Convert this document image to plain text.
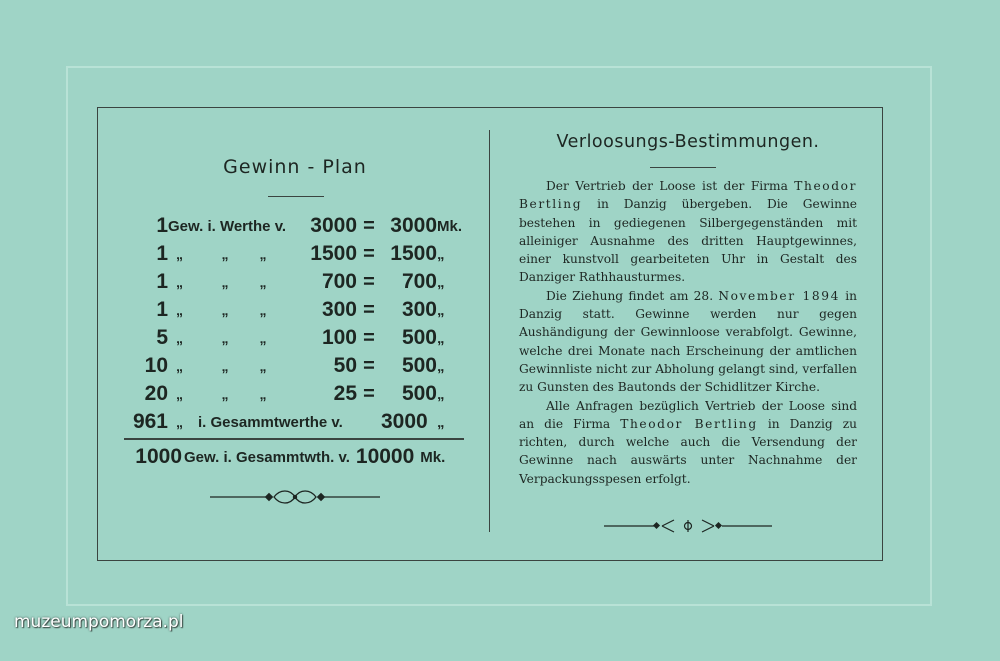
Gewinn - Plan
1	Gew. i. Werthe v.	3000	=	3000	Mk.
1	„ „ „	1500	=	1500	„
1	„ „ „	700	=	700	„
1	„ „ „	300	=	300	„
5	„ „ „	100	=	500	„
10	„ „ „	50	=	500	„
20	„ „ „	25	=	500	„
961	„ i. Gesammtwerthe v.			3000	„
1000 Gew. i. Gesammtwth. v. 10000 Mk.
Verloosungs-Bestimmungen.

Der Vertrieb der Loose ist der Firma Theodor Bertling in Danzig übergeben. Die Gewinne bestehen in gediegenen Silbergegenständen mit alleiniger Ausnahme des dritten Hauptgewinnes, einer kunstvoll gearbeiteten Uhr in Gestalt des Danziger Rathhausturmes.

Die Ziehung findet am 28. November 1894 in Danzig statt. Gewinne werden nur gegen Aushändigung der Gewinnloose verabfolgt. Gewinne, welche drei Monate nach Erscheinung der amtlichen Gewinnliste nicht zur Abholung gelangt sind, verfallen zu Gunsten des Bautonds der Schidlitzer Kirche.

Alle Anfragen bezüglich Vertrieb der Loose sind an die Firma Theodor Bertling in Danzig zu richten, durch welche auch die Versendung der Gewinne nach auswärts unter Nachnahme der Verpackungsspesen erfolgt.

muzeumpomorza.pl
